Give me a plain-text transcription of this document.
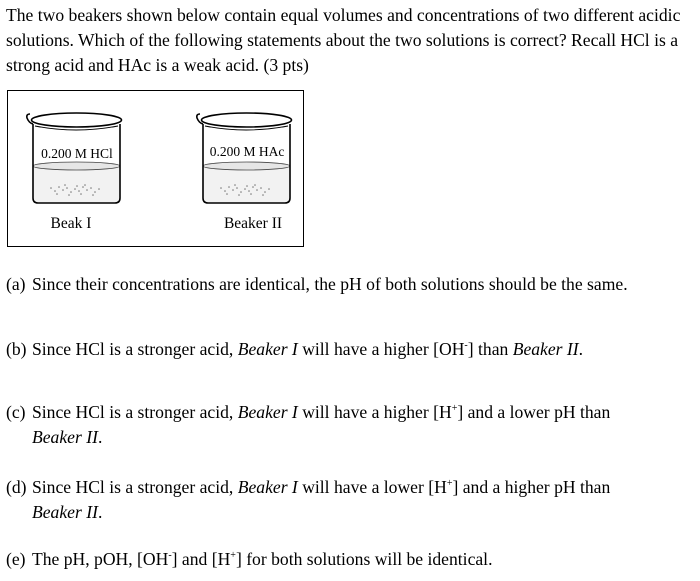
The two beakers shown below contain equal volumes and concentrations of two different acidic solutions. Which of the following statements about the two solutions is correct? Recall HCl is a strong acid and HAc is a weak acid. (3 pts)

0.200 M HCl
Beak I
0.200 M HAc
Beaker II

(a) Since their concentrations are identical, the pH of both solutions should be the same.

(b) Since HCl is a stronger acid, Beaker I will have a higher [OH-] than Beaker II.

(c) Since HCl is a stronger acid, Beaker I will have a higher [H+] and a lower pH than
Beaker II.

(d) Since HCl is a stronger acid, Beaker I will have a lower [H+] and a higher pH than
Beaker II.

(e) The pH, pOH, [OH-] and [H+] for both solutions will be identical.
